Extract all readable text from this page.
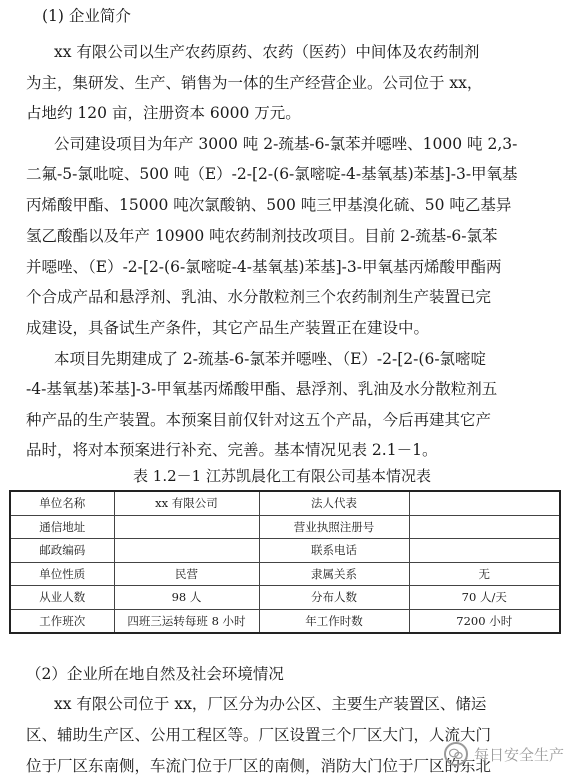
(1) 企业简介
xx 有限公司以生产农药原药、农药（医药）中间体及农药制剂
为主，集研发、生产、销售为一体的生产经营企业。公司位于 xx，
占地约 120 亩，注册资本 6000 万元。
公司建设项目为年产 3000 吨 2-巯基-6-氯苯并噁唑、1000 吨 2,3-
二氟-5-氯吡啶、500 吨（E）-2-[2-(6-氯嘧啶-4-基氧基)苯基]-3-甲氧基
丙烯酸甲酯、15000 吨次氯酸钠、500 吨三甲基溴化硫、50 吨乙基异
氢乙酸酯以及年产 10900 吨农药制剂技改项目。目前 2-巯基-6-氯苯
并噁唑、（E）-2-[2-(6-氯嘧啶-4-基氧基)苯基]-3-甲氧基丙烯酸甲酯两
个合成产品和悬浮剂、乳油、水分散粒剂三个农药制剂生产装置已完
成建设，具备试生产条件，其它产品生产装置正在建设中。
本项目先期建成了 2-巯基-6-氯苯并噁唑、（E）-2-[2-(6-氯嘧啶
-4-基氧基)苯基]-3-甲氧基丙烯酸甲酯、悬浮剂、乳油及水分散粒剂五
种产品的生产装置。本预案目前仅针对这五个产品，今后再建其它产
品时，将对本预案进行补充、完善。基本情况见表 2.1－1。
表 1.2－1 江苏凯晨化工有限公司基本情况表
单位名称	xx 有限公司	法人代表	
通信地址		营业执照注册号	
邮政编码		联系电话	
单位性质	民营	隶属关系	无
从业人数	98 人	分布人数	70 人/天
工作班次	四班三运转每班 8 小时	年工作时数	7200 小时
（2）企业所在地自然及社会环境情况
xx 有限公司位于 xx，厂区分为办公区、主要生产装置区、储运
区、辅助生产区、公用工程区等。厂区设置三个厂区大门，人流大门
位于厂区东南侧，车流门位于厂区的南侧，消防大门位于厂区的东北
每日安全生产
